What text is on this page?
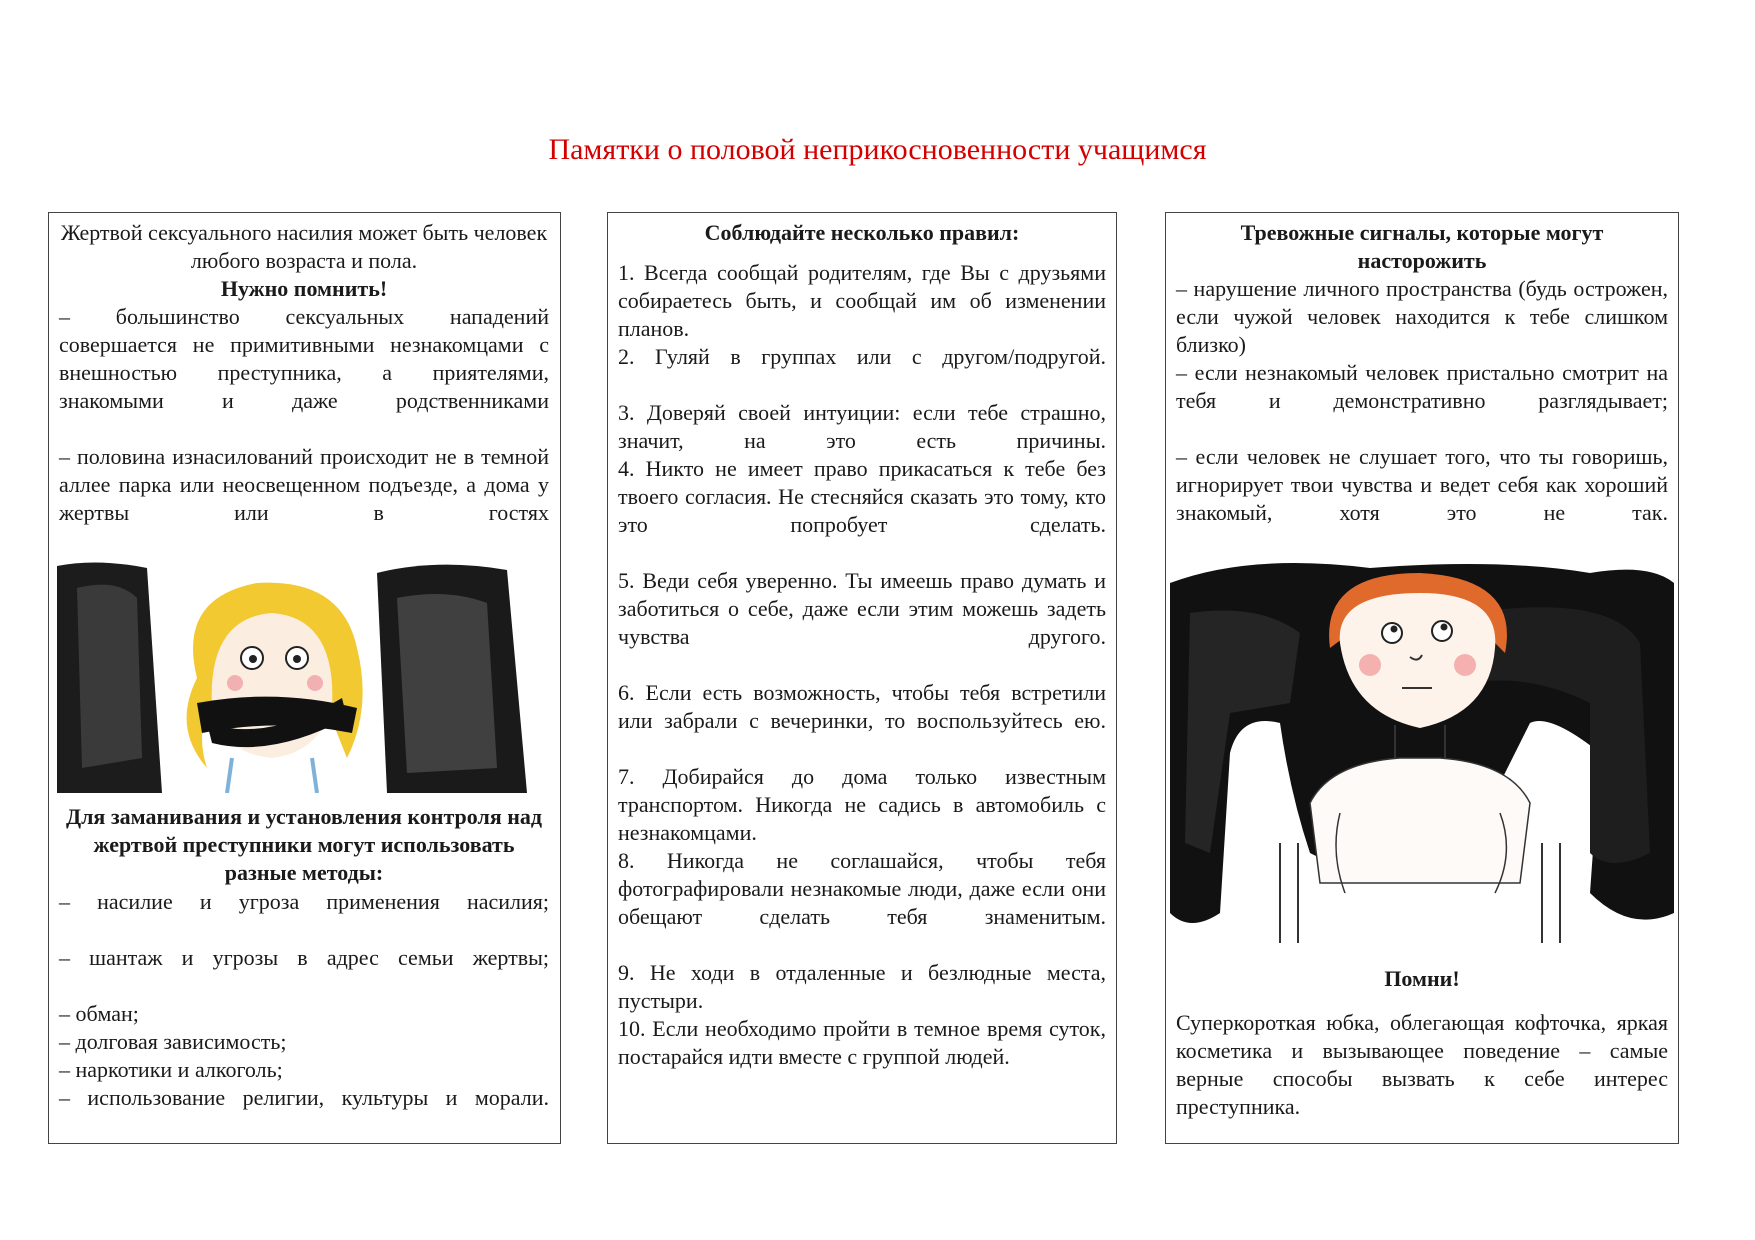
Памятки о половой неприкосновенности учащимся
Жертвой сексуального насилия может быть человек любого возраста и пола.
Нужно помнить!
– большинство сексуальных нападений совершается не примитивными незнакомцами с внешностью преступника, а приятелями, знакомыми и даже родственниками
– половина изнасилований происходит не в темной аллее парка или неосвещенном подъезде, а дома у жертвы или в гостях
Для заманивания и установления контроля над жертвой преступники могут использовать разные методы:
– насилие и угроза применения насилия;
– шантаж и угрозы в адрес семьи жертвы;
– обман;
– долговая зависимость;
– наркотики и алкоголь;
– использование религии, культуры и морали.
Соблюдайте несколько правил:
1. Всегда сообщай родителям, где Вы с друзьями собираетесь быть, и сообщай им об изменении планов.
2. Гуляй в группах или с другом/подругой.
3. Доверяй своей интуиции: если тебе страшно, значит, на это есть причины.
4. Никто не имеет право прикасаться к тебе без твоего согласия. Не стесняйся сказать это тому, кто это попробует сделать.
5. Веди себя уверенно. Ты имеешь право думать и заботиться о себе, даже если этим можешь задеть чувства другого.
6. Если есть возможность, чтобы тебя встретили или забрали с вечеринки, то воспользуйтесь ею.
7. Добирайся до дома только известным транспортом. Никогда не садись в автомобиль с незнакомцами.
8. Никогда не соглашайся, чтобы тебя фотографировали незнакомые люди, даже если они обещают сделать тебя знаменитым.
9. Не ходи в отдаленные и безлюдные места, пустыри.
10. Если необходимо пройти в темное время суток, постарайся идти вместе с группой людей.
Тревожные сигналы, которые могут насторожить
– нарушение личного пространства (будь острожен, если чужой человек находится к тебе слишком близко)
– если незнакомый человек пристально смотрит на тебя и демонстративно разглядывает;
– если человек не слушает того, что ты говоришь, игнорирует твои чувства и ведет себя как хороший знакомый, хотя это не так.
Помни!
Суперкороткая юбка, облегающая кофточка, яркая косметика и вызывающее поведение – самые верные способы вызвать к себе интерес преступника.
